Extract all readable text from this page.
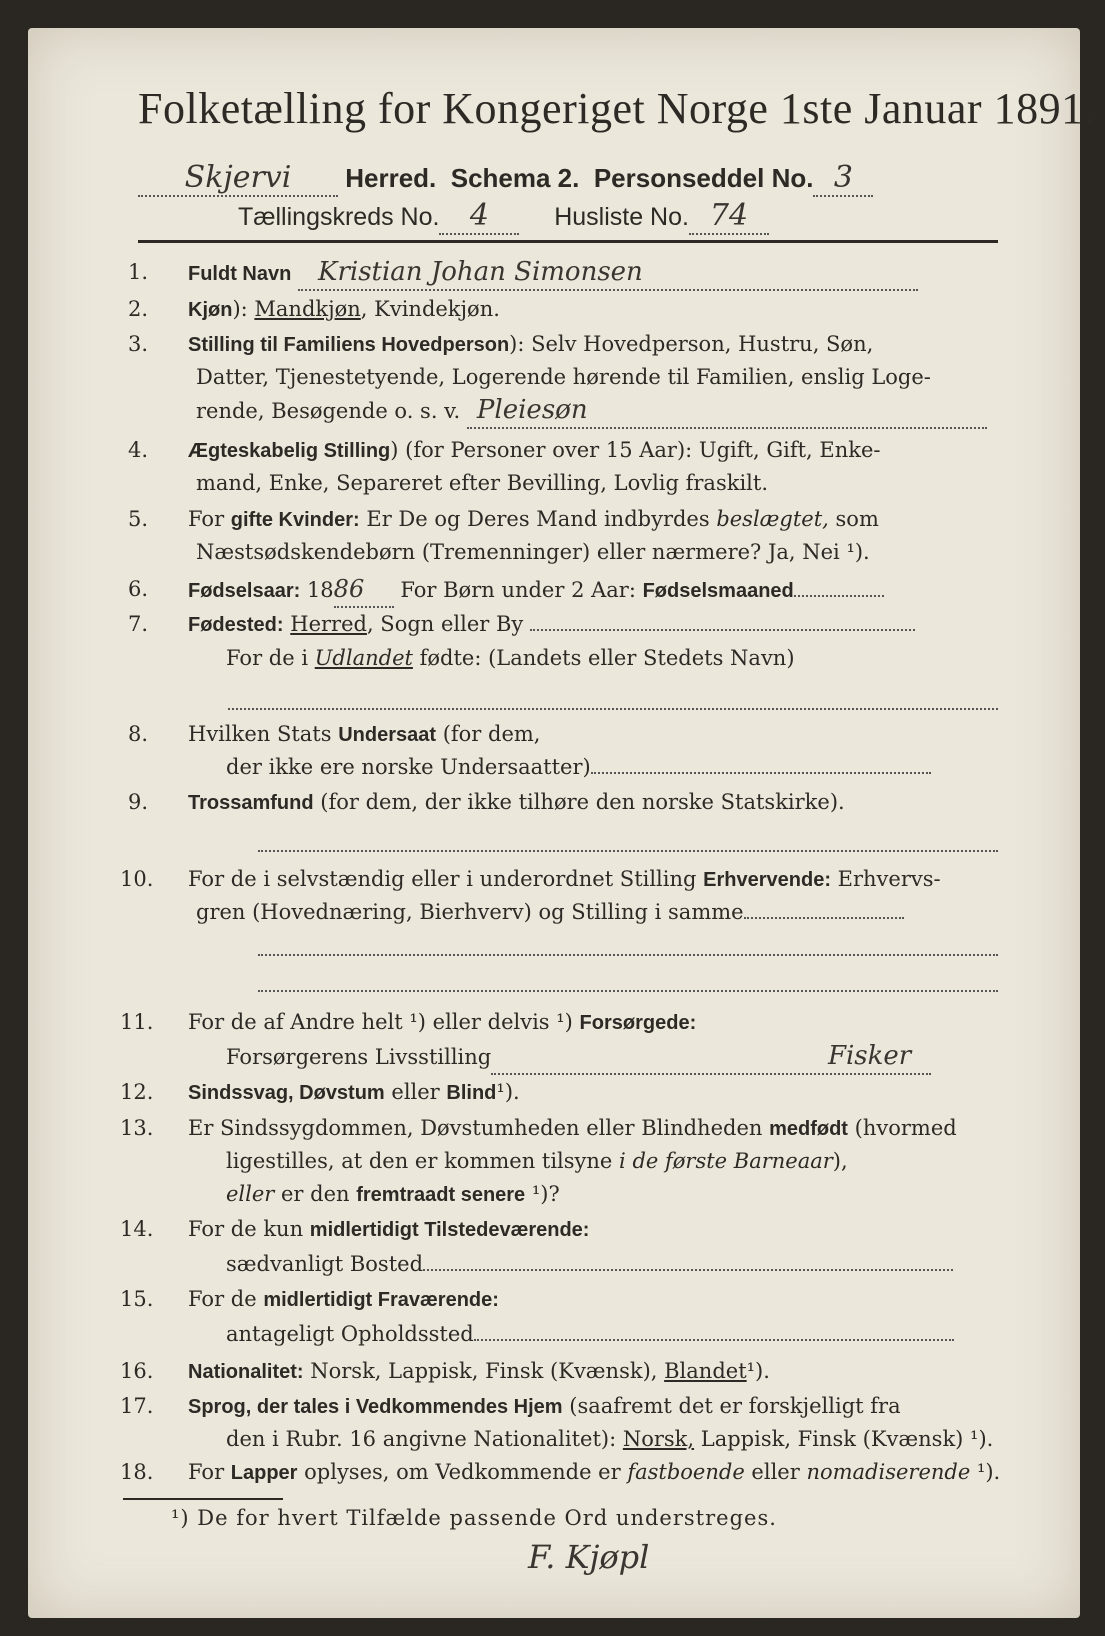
Folketælling for Kongeriget Norge 1ste Januar 1891.
Skjervi Herred. Schema 2. Personseddel No. 3
Tællingskreds No. 4	Husliste No. 74
1.	Fuldt Navn Kristian Johan Simonsen
2.	Kjøn): Mandkjøn, Kvindekjøn.
3.	Stilling til Familiens Hovedperson): Selv Hovedperson, Hustru, Søn,
Datter, Tjenestetyende, Logerende hørende til Familien, enslig Loge-
rende, Besøgende o. s. v. Pleiesøn
4.	Ægteskabelig Stilling) (for Personer over 15 Aar): Ugift, Gift, Enke-
mand, Enke, Separeret efter Bevilling, Lovlig fraskilt.
5.	For gifte Kvinder: Er De og Deres Mand indbyrdes beslægtet, som
Næstsødskendebørn (Tremenninger) eller nærmere? Ja, Nei ¹).
6.	Fødselsaar: 1886 For Børn under 2 Aar: Fødselsmaaned
7.	Fødested: Herred, Sogn eller By
For de i Udlandet fødte: (Landets eller Stedets Navn)
8.	Hvilken Stats Undersaat (for dem,
der ikke ere norske Undersaatter)
9.	Trossamfund (for dem, der ikke tilhøre den norske Statskirke).
10.	For de i selvstændig eller i underordnet Stilling Erhvervende: Erhvervs-
gren (Hovednæring, Bierhverv) og Stilling i samme
11.	For de af Andre helt ¹) eller delvis ¹) Forsørgede:
Forsørgerens Livsstilling	Fisker
12.	Sindssvag, Døvstum eller Blind¹).
13.	Er Sindssygdommen, Døvstumheden eller Blindheden medfødt (hvormed
ligestilles, at den er kommen tilsyne i de første Barneaar),
eller er den fremtraadt senere ¹)?
14.	For de kun midlertidigt Tilstedeværende:
sædvanligt Bosted
15.	For de midlertidigt Fraværende:
antageligt Opholdssted
16.	Nationalitet: Norsk, Lappisk, Finsk (Kvænsk), Blandet¹).
17.	Sprog, der tales i Vedkommendes Hjem (saafremt det er forskjelligt fra
den i Rubr. 16 angivne Nationalitet): Norsk, Lappisk, Finsk (Kvænsk) ¹).
18.	For Lapper oplyses, om Vedkommende er fastboende eller nomadiserende ¹).
¹) De for hvert Tilfælde passende Ord understreges.
F. Kjøpl
